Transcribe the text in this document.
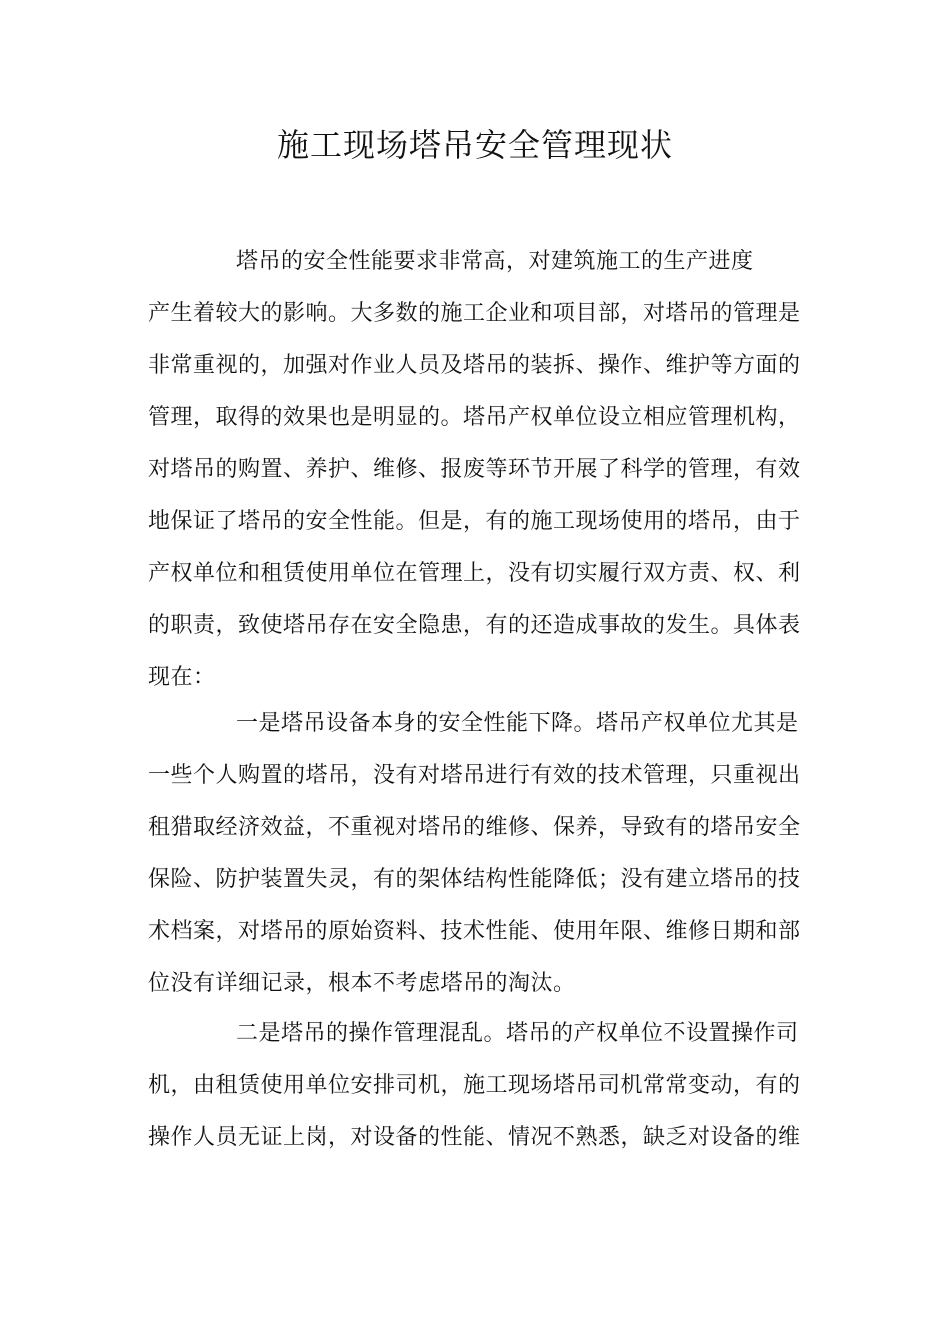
施工现场塔吊安全管理现状
塔吊的安全性能要求非常高，对建筑施工的生产进度
产生着较大的影响。大多数的施工企业和项目部，对塔吊的管理是
非常重视的，加强对作业人员及塔吊的装拆、操作、维护等方面的
管理，取得的效果也是明显的。塔吊产权单位设立相应管理机构，
对塔吊的购置、养护、维修、报废等环节开展了科学的管理，有效
地保证了塔吊的安全性能。但是，有的施工现场使用的塔吊，由于
产权单位和租赁使用单位在管理上，没有切实履行双方责、权、利
的职责，致使塔吊存在安全隐患，有的还造成事故的发生。具体表
现在：
一是塔吊设备本身的安全性能下降。塔吊产权单位尤其是
一些个人购置的塔吊，没有对塔吊进行有效的技术管理，只重视出
租猎取经济效益，不重视对塔吊的维修、保养，导致有的塔吊安全
保险、防护装置失灵，有的架体结构性能降低；没有建立塔吊的技
术档案，对塔吊的原始资料、技术性能、使用年限、维修日期和部
位没有详细记录，根本不考虑塔吊的淘汰。
二是塔吊的操作管理混乱。塔吊的产权单位不设置操作司
机，由租赁使用单位安排司机，施工现场塔吊司机常常变动，有的
操作人员无证上岗，对设备的性能、情况不熟悉，缺乏对设备的维
